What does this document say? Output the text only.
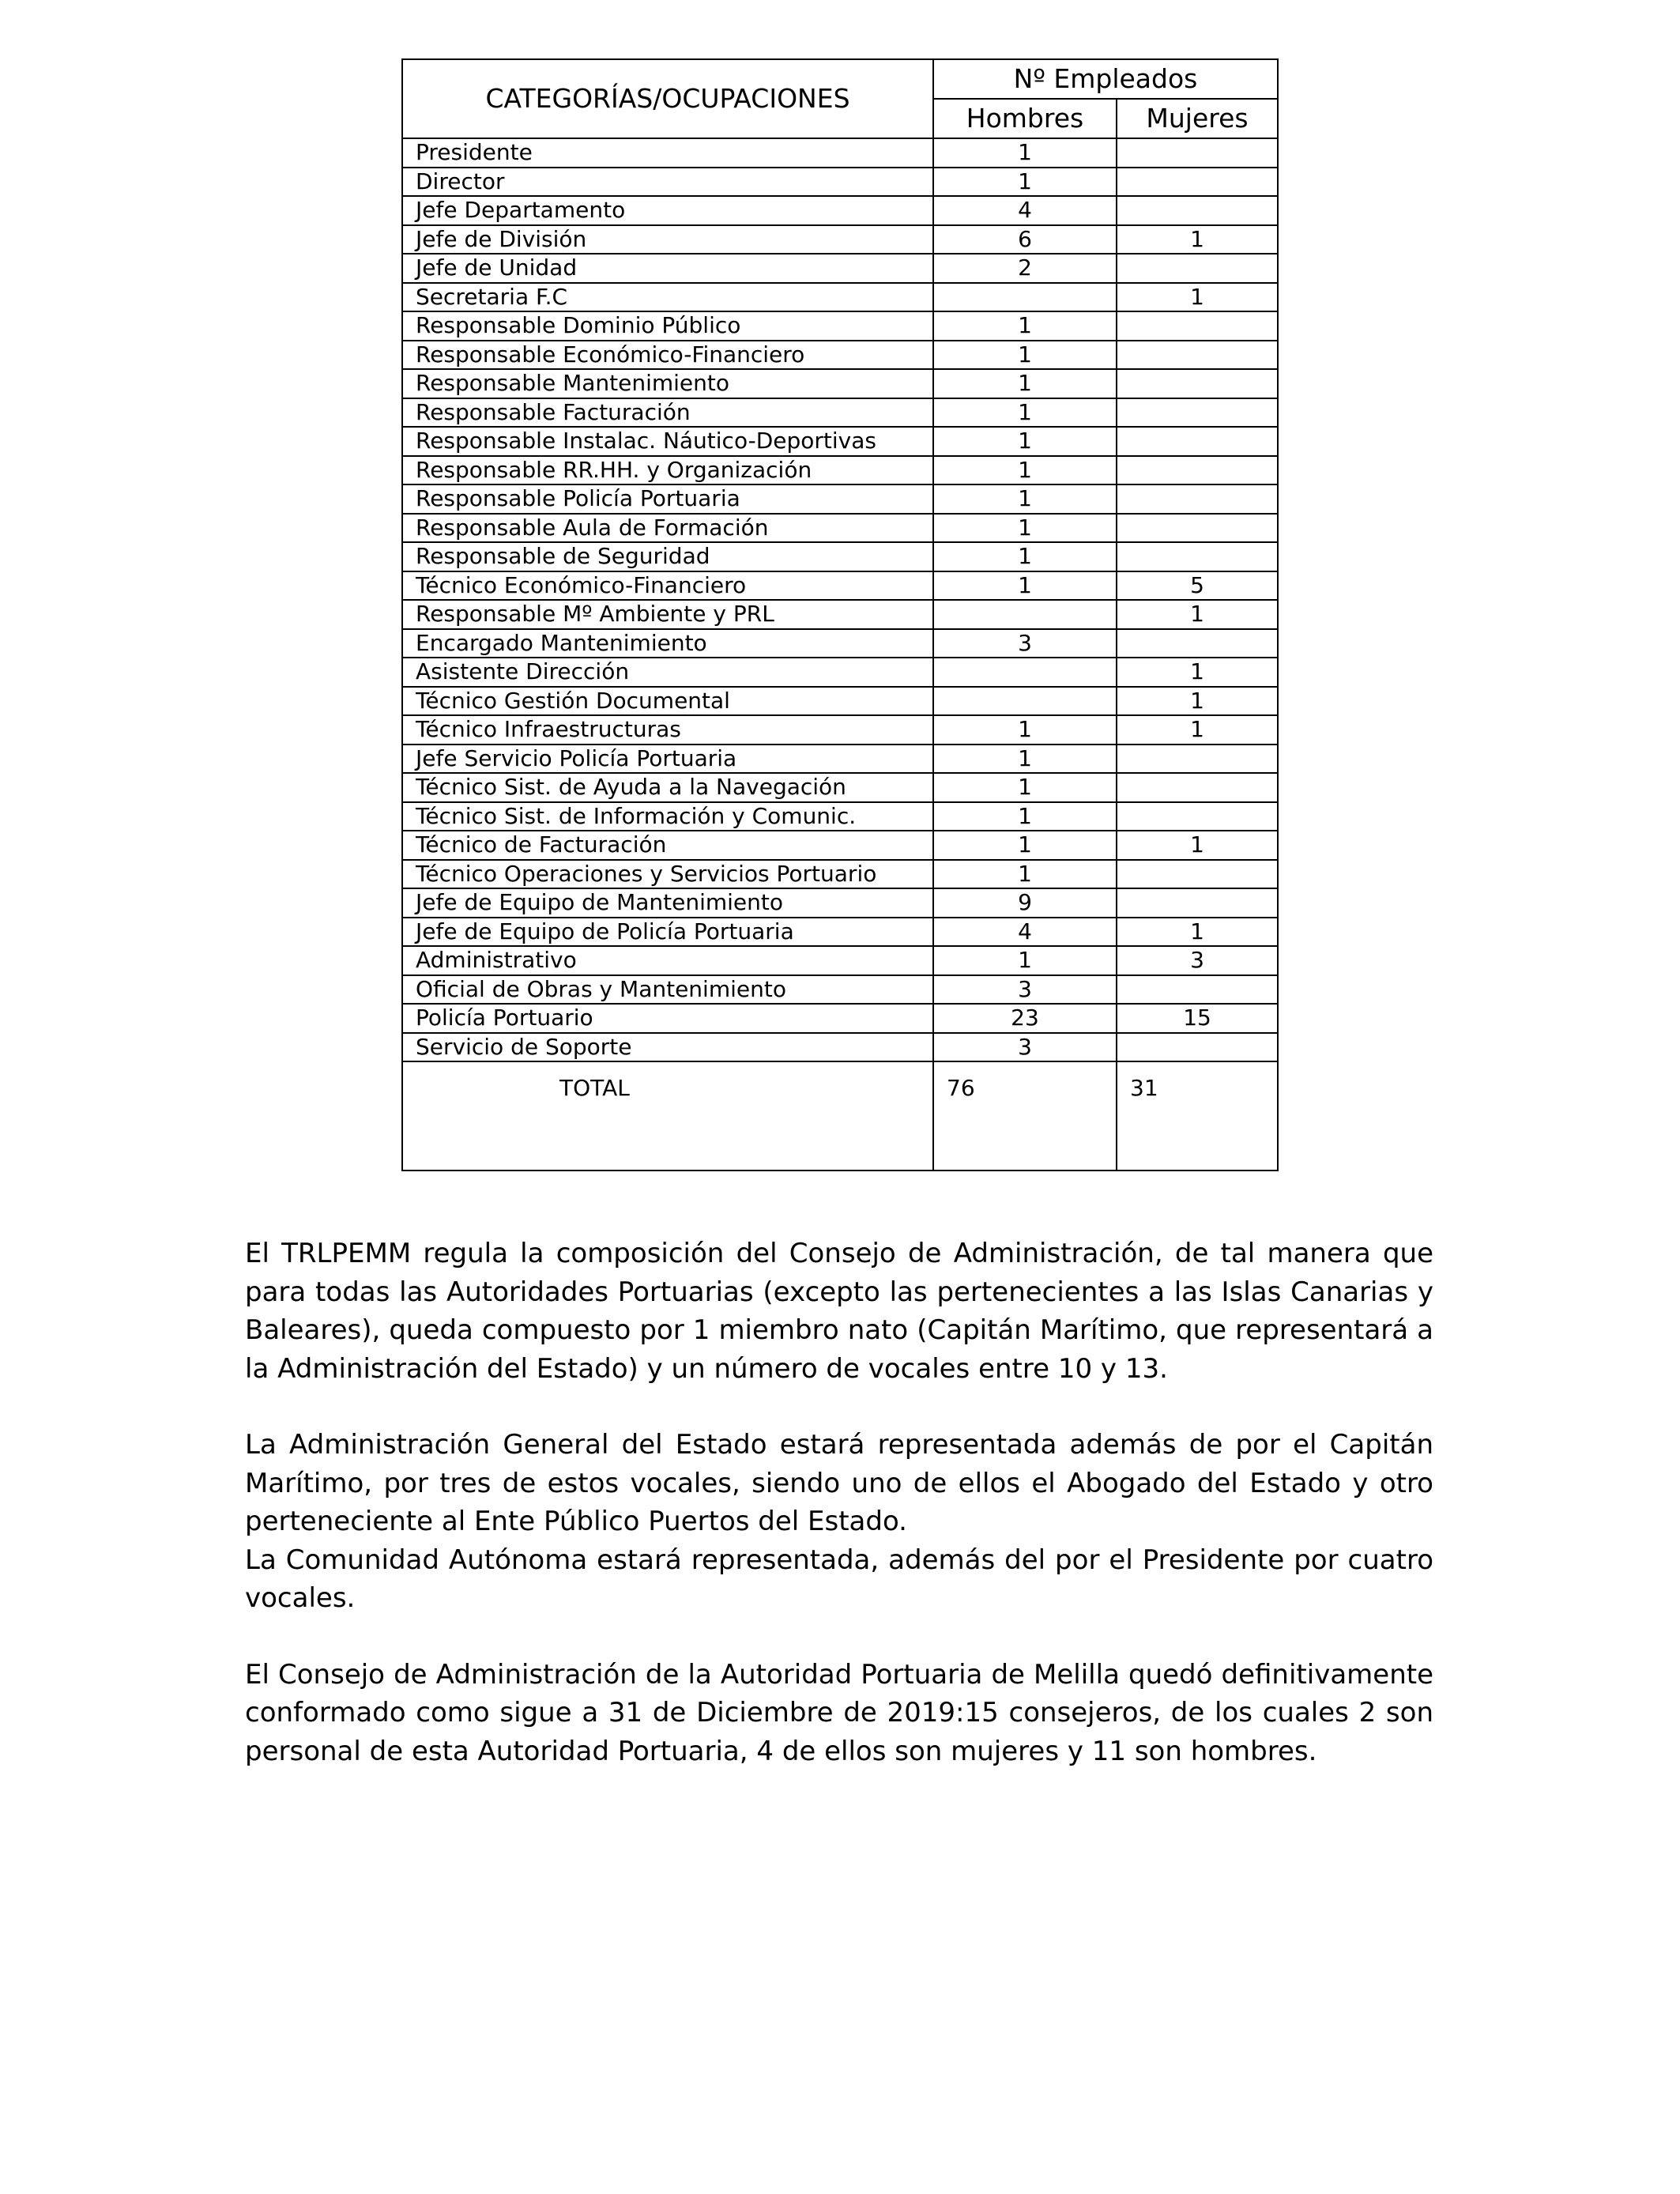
CATEGORÍAS/OCUPACIONES	Nº Empleados	
	Hombres	Mujeres
Presidente	1	
Director	1	
Jefe Departamento	4	
Jefe de División	6	1
Jefe de Unidad	2	
Secretaria F.C		1
Responsable Dominio Público	1	
Responsable Económico-Financiero	1	
Responsable Mantenimiento	1	
Responsable Facturación	1	
Responsable Instalac. Náutico-Deportivas	1	
Responsable RR.HH. y Organización	1	
Responsable Policía Portuaria	1	
Responsable Aula de Formación	1	
Responsable de Seguridad	1	
Técnico Económico-Financiero	1	5
Responsable Mº Ambiente y PRL		1
Encargado Mantenimiento	3	
Asistente Dirección		1
Técnico Gestión Documental		1
Técnico Infraestructuras	1	1
Jefe Servicio Policía Portuaria	1	
Técnico Sist. de Ayuda a la Navegación	1	
Técnico Sist. de Información y Comunic.	1	
Técnico de Facturación	1	1
Técnico Operaciones y Servicios Portuario	1	
Jefe de Equipo de Mantenimiento	9	
Jefe de Equipo de Policía Portuaria	4	1
Administrativo	1	3
Oficial de Obras y Mantenimiento	3	
Policía Portuario	23	15
Servicio de Soporte	3	
TOTAL	76	31

El TRLPEMM regula la composición del Consejo de Administración, de tal manera que para todas las Autoridades Portuarias (excepto las pertenecientes a las Islas Canarias y Baleares), queda compuesto por 1 miembro nato (Capitán Marítimo, que representará a la Administración del Estado) y un número de vocales entre 10 y 13.

La Administración General del Estado estará representada además de por el Capitán Marítimo, por tres de estos vocales, siendo uno de ellos el Abogado del Estado y otro perteneciente al Ente Público Puertos del Estado.

La Comunidad Autónoma estará representada, además del por el Presidente por cuatro vocales.

El Consejo de Administración de la Autoridad Portuaria de Melilla quedó definitivamente conformado como sigue a 31 de Diciembre de 2019:15 consejeros, de los cuales 2 son personal de esta Autoridad Portuaria, 4 de ellos son mujeres y 11 son hombres.
